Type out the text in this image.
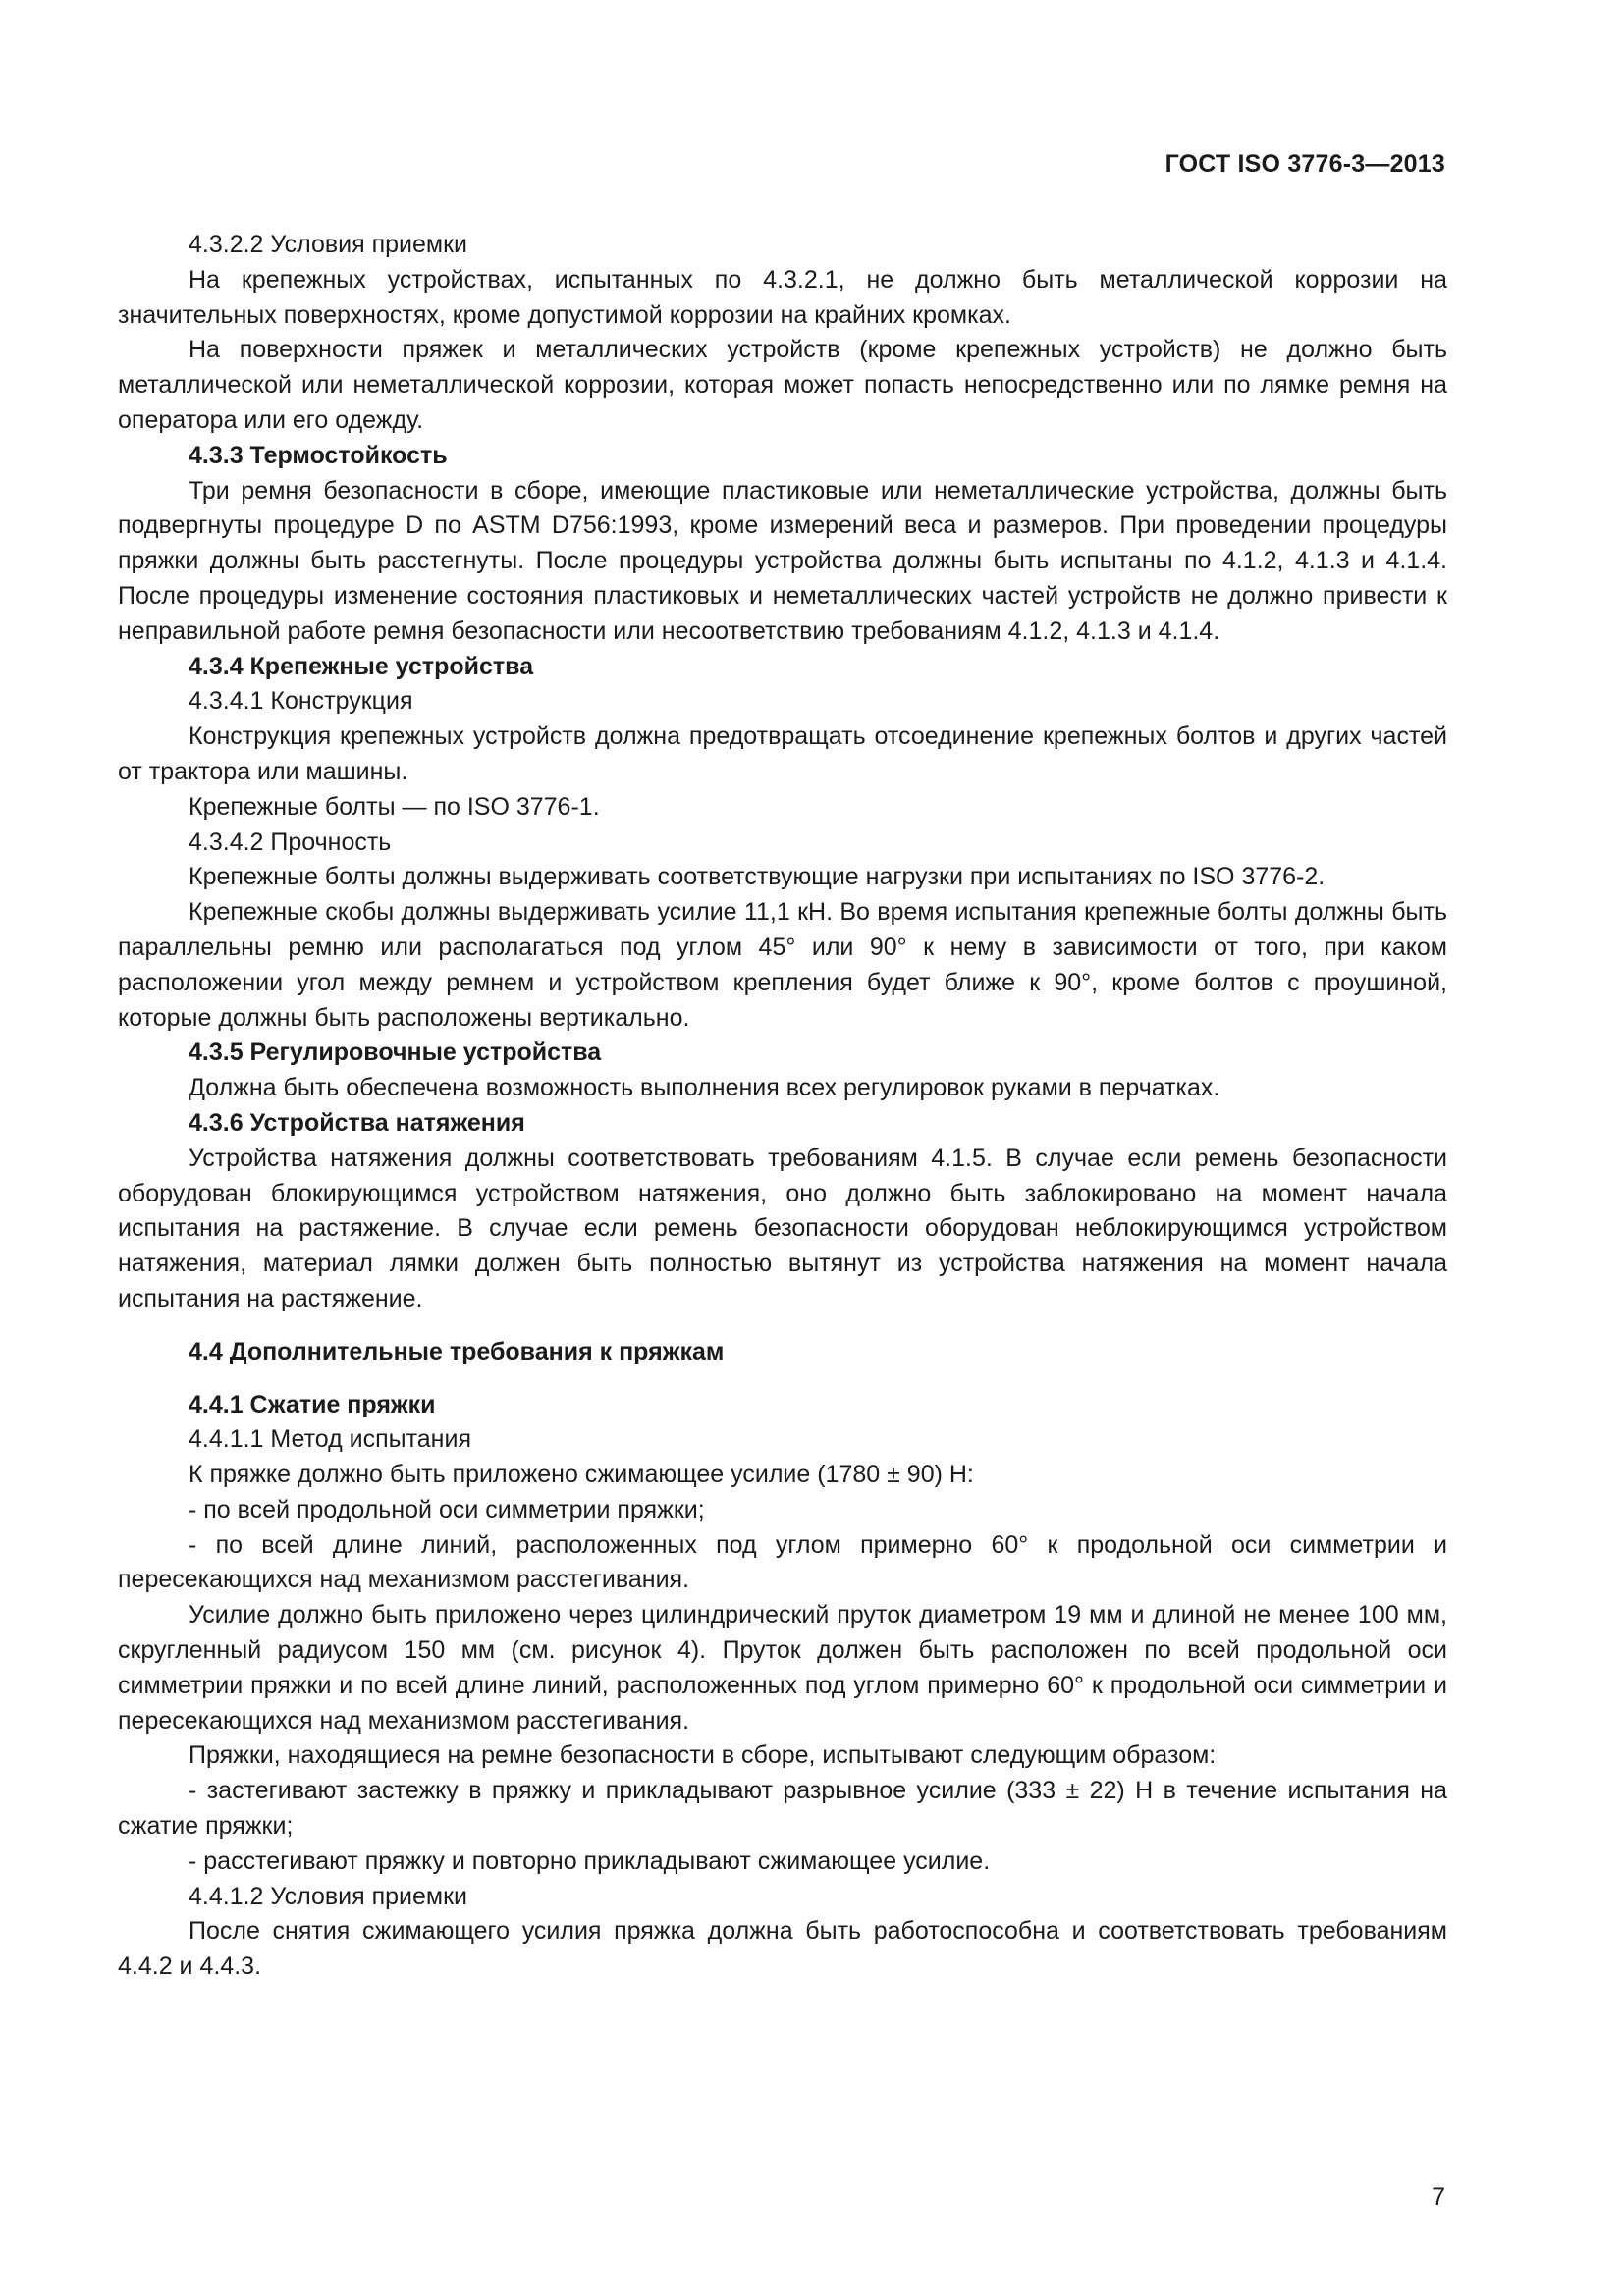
ГОСТ ISO 3776-3—2013

4.3.2.2 Условия приемки

На крепежных устройствах, испытанных по 4.3.2.1, не должно быть металлической коррозии на значительных поверхностях, кроме допустимой коррозии на крайних кромках.

На поверхности пряжек и металлических устройств (кроме крепежных устройств) не должно быть металлической или неметаллической коррозии, которая может попасть непосредственно или по лямке ремня на оператора или его одежду.

4.3.3 Термостойкость

Три ремня безопасности в сборе, имеющие пластиковые или неметаллические устройства, должны быть подвергнуты процедуре D по ASTM D756:1993, кроме измерений веса и размеров. При проведении процедуры пряжки должны быть расстегнуты. После процедуры устройства должны быть испытаны по 4.1.2, 4.1.3 и 4.1.4. После процедуры изменение состояния пластиковых и неметаллических частей устройств не должно привести к неправильной работе ремня безопасности или несоответствию требованиям 4.1.2, 4.1.3 и 4.1.4.

4.3.4 Крепежные устройства

4.3.4.1 Конструкция

Конструкция крепежных устройств должна предотвращать отсоединение крепежных болтов и других частей от трактора или машины.

Крепежные болты — по ISO 3776-1.

4.3.4.2 Прочность

Крепежные болты должны выдерживать соответствующие нагрузки при испытаниях по ISO 3776-2.

Крепежные скобы должны выдерживать усилие 11,1 кН. Во время испытания крепежные болты должны быть параллельны ремню или располагаться под углом 45° или 90° к нему в зависимости от того, при каком расположении угол между ремнем и устройством крепления будет ближе к 90°, кроме болтов с проушиной, которые должны быть расположены вертикально.

4.3.5 Регулировочные устройства

Должна быть обеспечена возможность выполнения всех регулировок руками в перчатках.

4.3.6 Устройства натяжения

Устройства натяжения должны соответствовать требованиям 4.1.5. В случае если ремень безопасности оборудован блокирующимся устройством натяжения, оно должно быть заблокировано на момент начала испытания на растяжение. В случае если ремень безопасности оборудован неблокирующимся устройством натяжения, материал лямки должен быть полностью вытянут из устройства натяжения на момент начала испытания на растяжение.

4.4 Дополнительные требования к пряжкам

4.4.1 Сжатие пряжки

4.4.1.1 Метод испытания

К пряжке должно быть приложено сжимающее усилие (1780 ± 90) Н:

- по всей продольной оси симметрии пряжки;

- по всей длине линий, расположенных под углом примерно 60° к продольной оси симметрии и пересекающихся над механизмом расстегивания.

Усилие должно быть приложено через цилиндрический пруток диаметром 19 мм и длиной не менее 100 мм, скругленный радиусом 150 мм (см. рисунок 4). Пруток должен быть расположен по всей продольной оси симметрии пряжки и по всей длине линий, расположенных под углом примерно 60° к продольной оси симметрии и пересекающихся над механизмом расстегивания.

Пряжки, находящиеся на ремне безопасности в сборе, испытывают следующим образом:

- застегивают застежку в пряжку и прикладывают разрывное усилие (333 ± 22) Н в течение испытания на сжатие пряжки;

- расстегивают пряжку и повторно прикладывают сжимающее усилие.

4.4.1.2 Условия приемки

После снятия сжимающего усилия пряжка должна быть работоспособна и соответствовать требованиям 4.4.2 и 4.4.3.

7
